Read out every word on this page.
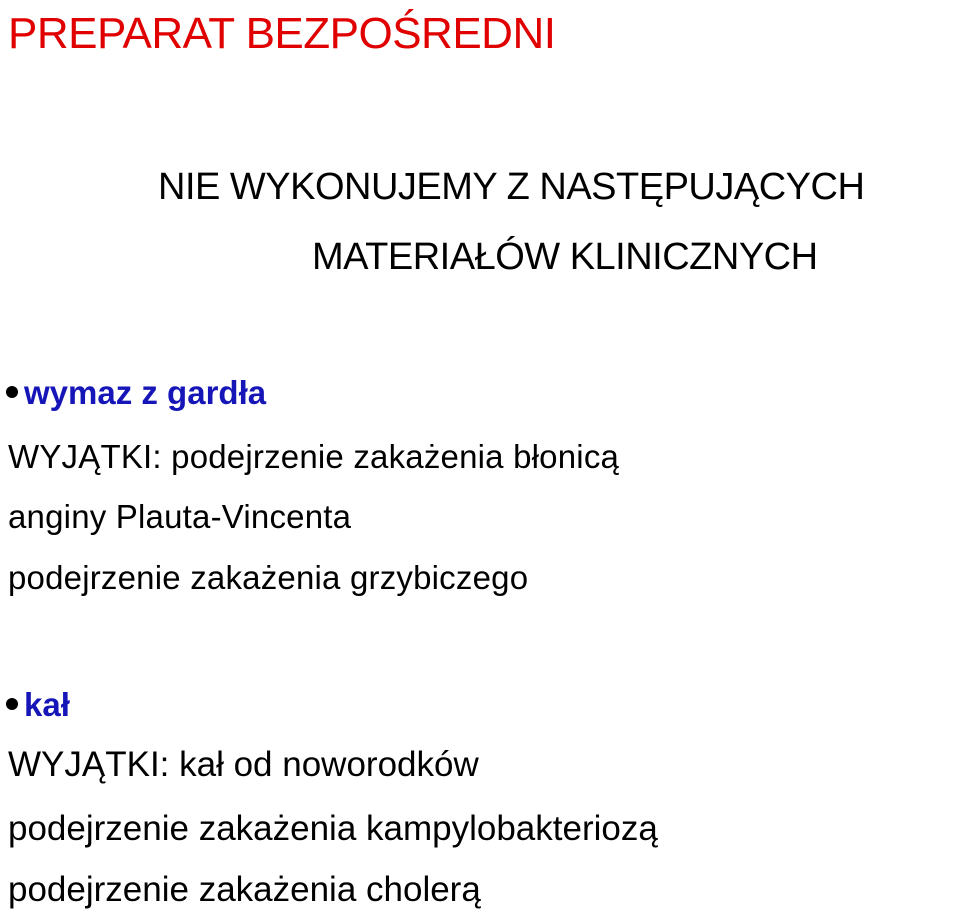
PREPARAT BEZPOŚREDNI
NIE WYKONUJEMY Z NASTĘPUJĄCYCH
MATERIAŁÓW KLINICZNYCH
wymaz z gardła
WYJĄTKI: podejrzenie zakażenia błonicą
anginy Plauta-Vincenta
podejrzenie zakażenia grzybiczego
kał
WYJĄTKI: kał od noworodków
podejrzenie zakażenia kampylobakteriozą
podejrzenie zakażenia cholerą
